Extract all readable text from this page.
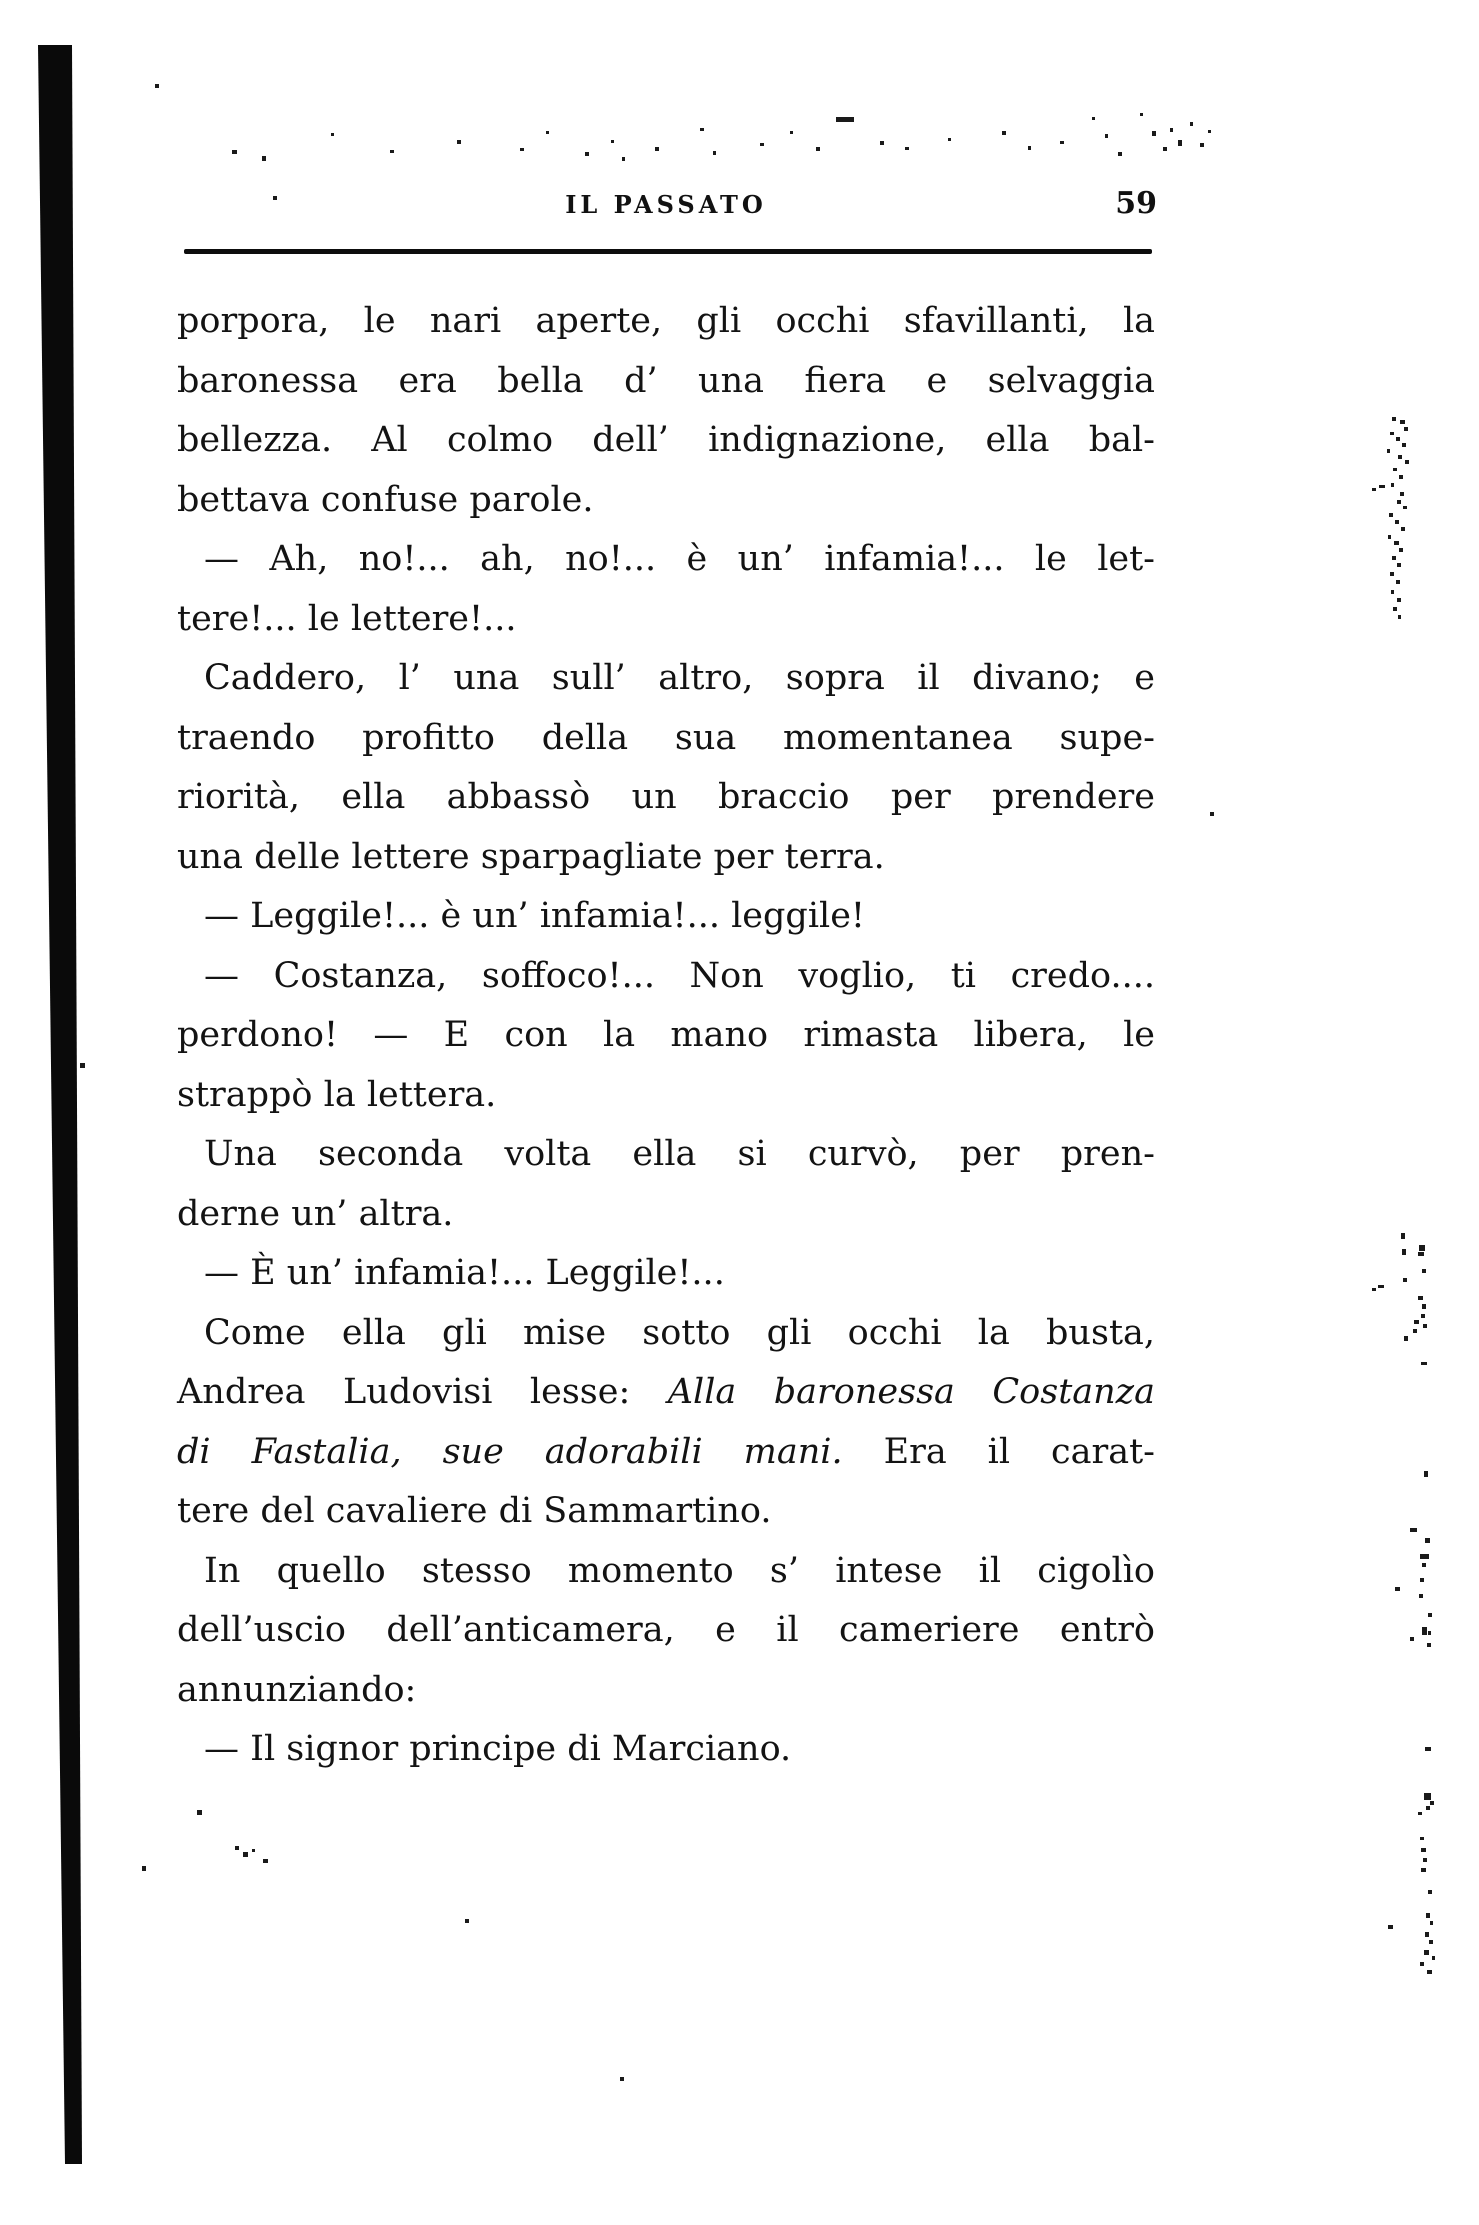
IL PASSATO	59
porpora, le nari aperte, gli occhi sfavillanti, la
baronessa era bella d’ una fiera e selvaggia
bellezza. Al colmo dell’ indignazione, ella bal-
bettava confuse parole.
— Ah, no!... ah, no!... è un’ infamia!... le let-
tere!... le lettere!...
Caddero, l’ una sull’ altro, sopra il divano; e
traendo profitto della sua momentanea supe-
riorità, ella abbassò un braccio per prendere
una delle lettere sparpagliate per terra.
— Leggile!... è un’ infamia!... leggile!
— Costanza, soffoco!... Non voglio, ti credo....
perdono! — E con la mano rimasta libera, le
strappò la lettera.
Una seconda volta ella si curvò, per pren-
derne un’ altra.
— È un’ infamia!... Leggile!...
Come ella gli mise sotto gli occhi la busta,
Andrea Ludovisi lesse: Alla baronessa Costanza
di Fastalia, sue adorabili mani. Era il carat-
tere del cavaliere di Sammartino.
In quello stesso momento s’ intese il cigolìo
dell’uscio dell’anticamera, e il cameriere entrò
annunziando:
— Il signor principe di Marciano.
